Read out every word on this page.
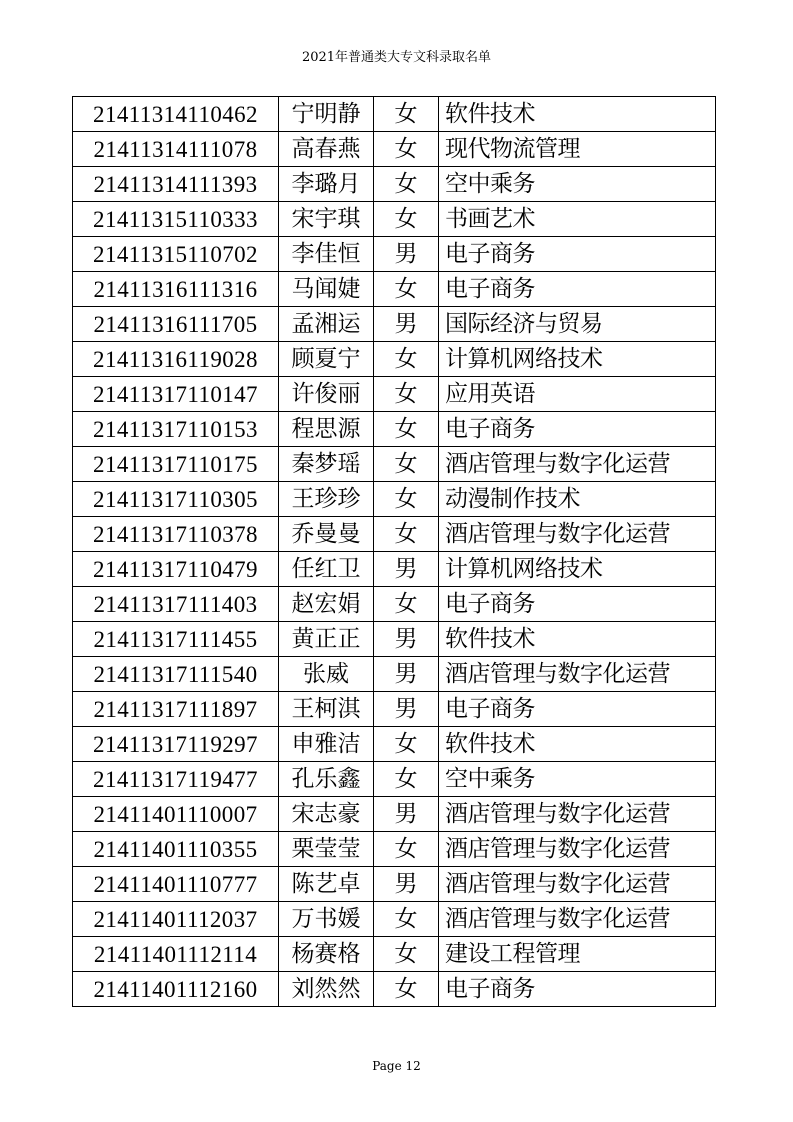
2021年普通类大专文科录取名单
21411314110462	宁明静	女	软件技术
21411314111078	高春燕	女	现代物流管理
21411314111393	李璐月	女	空中乘务
21411315110333	宋宇琪	女	书画艺术
21411315110702	李佳恒	男	电子商务
21411316111316	马闻婕	女	电子商务
21411316111705	孟湘运	男	国际经济与贸易
21411316119028	顾夏宁	女	计算机网络技术
21411317110147	许俊丽	女	应用英语
21411317110153	程思源	女	电子商务
21411317110175	秦梦瑶	女	酒店管理与数字化运营
21411317110305	王珍珍	女	动漫制作技术
21411317110378	乔曼曼	女	酒店管理与数字化运营
21411317110479	任红卫	男	计算机网络技术
21411317111403	赵宏娟	女	电子商务
21411317111455	黄正正	男	软件技术
21411317111540	张威	男	酒店管理与数字化运营
21411317111897	王柯淇	男	电子商务
21411317119297	申雅洁	女	软件技术
21411317119477	孔乐鑫	女	空中乘务
21411401110007	宋志豪	男	酒店管理与数字化运营
21411401110355	栗莹莹	女	酒店管理与数字化运营
21411401110777	陈艺卓	男	酒店管理与数字化运营
21411401112037	万书媛	女	酒店管理与数字化运营
21411401112114	杨赛格	女	建设工程管理
21411401112160	刘然然	女	电子商务
Page 12
